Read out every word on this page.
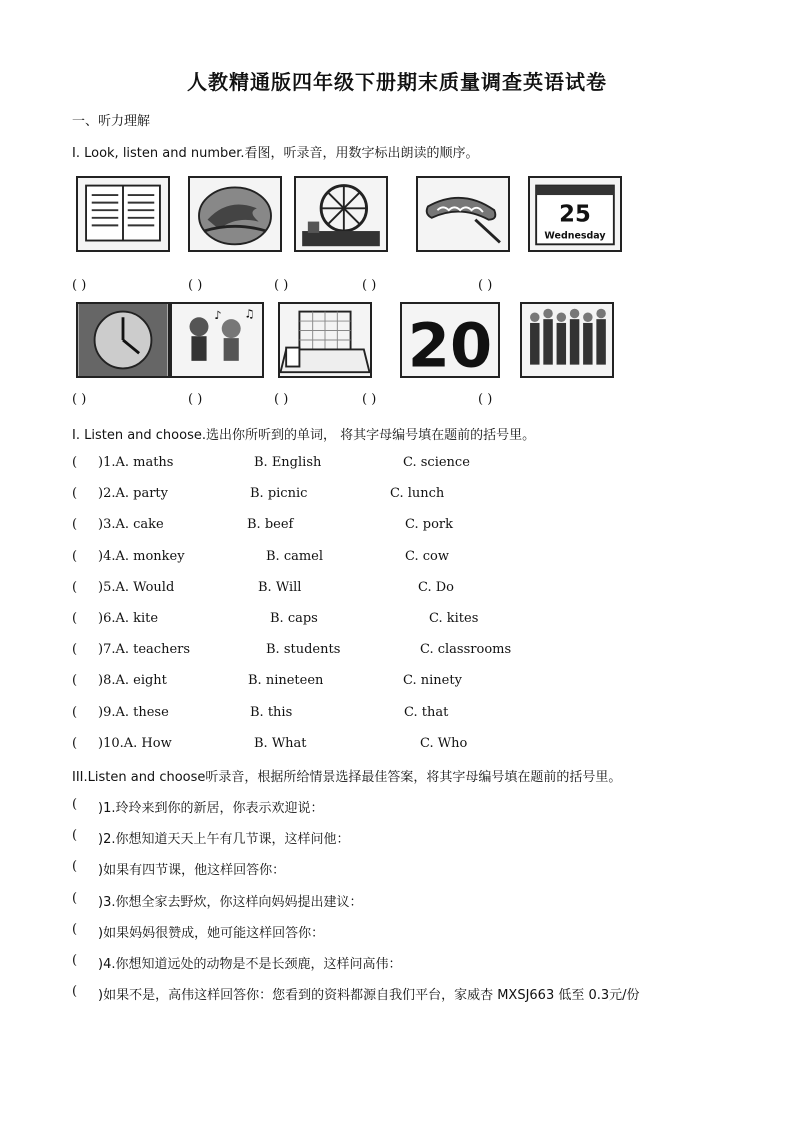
人教精通版四年级下册期末质量调查英语试卷
一、听力理解
I. Look, listen and number.看图，听录音，用数字标出朗读的顺序。
25
Wednesday
( )	( )	( )	( )	( )
♪ ♫ 20
( )	( )	( )	( )	( )
I. Listen and choose.选出你所听到的单词， 将其字母编号填在题前的括号里。
( )1.A. maths	B. English	C. science
( )2.A. party	B. picnic	C. lunch
( )3.A. cake	B. beef	C. pork
( )4.A. monkey	B. camel	C. cow
( )5.A. Would	B. Will	C. Do
( )6.A. kite	B. caps	C. kites
( )7.A. teachers	B. students	C. classrooms
( )8.A. eight	B. nineteen	C. ninety
( )9.A. these	B. this	C. that
( )10.A. How	B. What	C. Who
III.Listen and choose听录音，根据所给情景选择最佳答案，将其字母编号填在题前的括号里。
( )1.玲玲来到你的新居，你表示欢迎说：
( )2.你想知道天天上午有几节课，这样问他：
( )如果有四节课，他这样回答你：
( )3.你想全家去野炊，你这样向妈妈提出建议：
( )如果妈妈很赞成，她可能这样回答你：
( )4.你想知道远处的动物是不是长颈鹿，这样问高伟：
( )如果不是，高伟这样回答你：您看到的资料都源自我们平台，家威杏 MXSJ663 低至 0.3元/份
